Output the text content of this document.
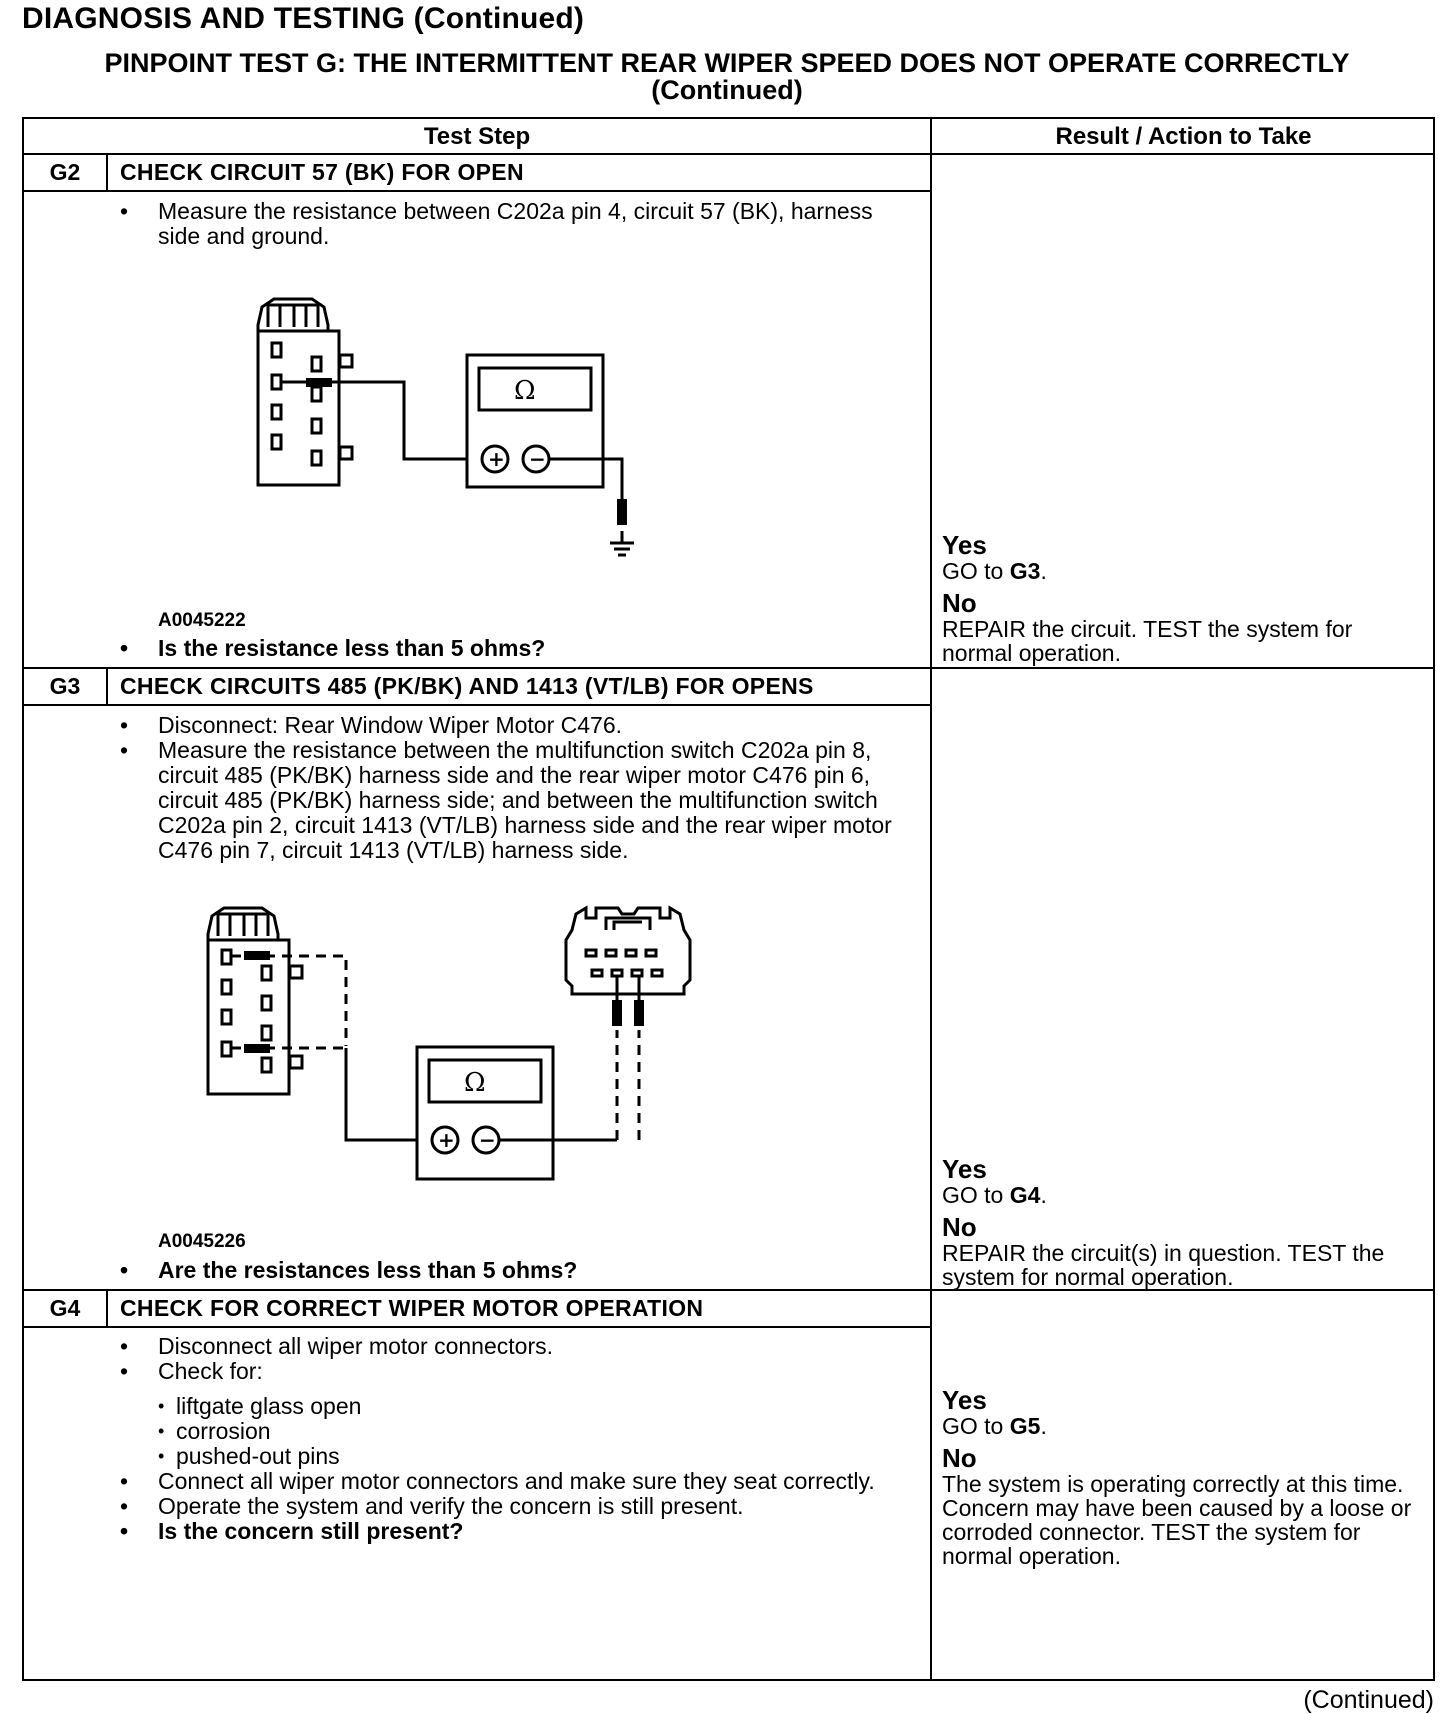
DIAGNOSIS AND TESTING (Continued)
PINPOINT TEST G: THE INTERMITTENT REAR WIPER SPEED DOES NOT OPERATE CORRECTLY
(Continued)
Test Step	Result / Action to Take
G2	CHECK CIRCUIT 57 (BK) FOR OPEN
• Measure the resistance between C202a pin 4, circuit 57 (BK), harness side and ground.
Ω
+ −
A0045222
• Is the resistance less than 5 ohms?
Yes
GO to G3.
No
REPAIR the circuit. TEST the system for normal operation.
G3	CHECK CIRCUITS 485 (PK/BK) AND 1413 (VT/LB) FOR OPENS
• Disconnect: Rear Window Wiper Motor C476.
• Measure the resistance between the multifunction switch C202a pin 8, circuit 485 (PK/BK) harness side and the rear wiper motor C476 pin 6, circuit 485 (PK/BK) harness side; and between the multifunction switch C202a pin 2, circuit 1413 (VT/LB) harness side and the rear wiper motor C476 pin 7, circuit 1413 (VT/LB) harness side.
Ω
+ −
A0045226
• Are the resistances less than 5 ohms?
Yes
GO to G4.
No
REPAIR the circuit(s) in question. TEST the system for normal operation.
G4	CHECK FOR CORRECT WIPER MOTOR OPERATION
• Disconnect all wiper motor connectors.
• Check for:
• liftgate glass open
• corrosion
• pushed-out pins
• Connect all wiper motor connectors and make sure they seat correctly.
• Operate the system and verify the concern is still present.
• Is the concern still present?
Yes
GO to G5.
No
The system is operating correctly at this time. Concern may have been caused by a loose or corroded connector. TEST the system for normal operation.
(Continued)
